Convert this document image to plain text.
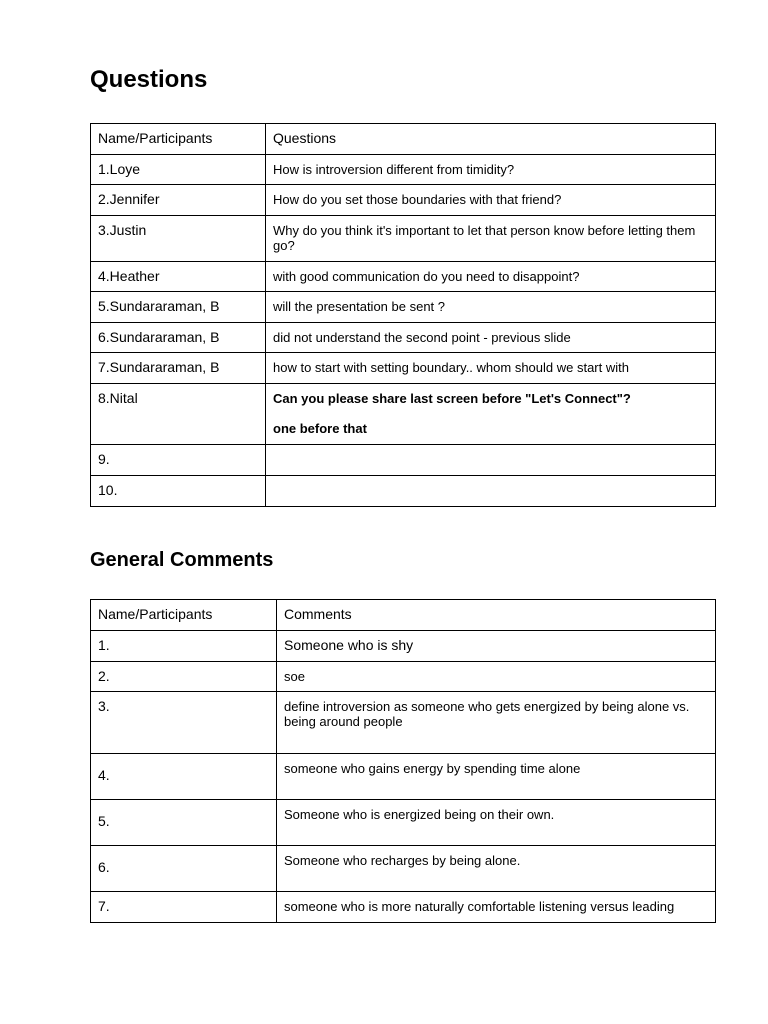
Questions
Name/Participants	Questions
1.Loye	How is introversion different from timidity?
2.Jennifer	How do you set those boundaries with that friend?
3.Justin	Why do you think it's important to let that person know before letting them go?
4.Heather	with good communication do you need to disappoint?
5.Sundararaman, B	will the presentation be sent ?
6.Sundararaman, B	did not understand the second point - previous slide
7.Sundararaman, B	how to start with setting boundary.. whom should we start with
8.Nital	Can you please share last screen before "Let's Connect"?
one before that

9.	
10.	
General Comments
Name/Participants	Comments
1.	Someone who is shy
2.	soe
3.	define introversion as someone who gets energized by being alone vs. being around people
4.	someone who gains energy by spending time alone
5.	Someone who is energized being on their own.
6.	Someone who recharges by being alone.
7.	someone who is more naturally comfortable listening versus leading
